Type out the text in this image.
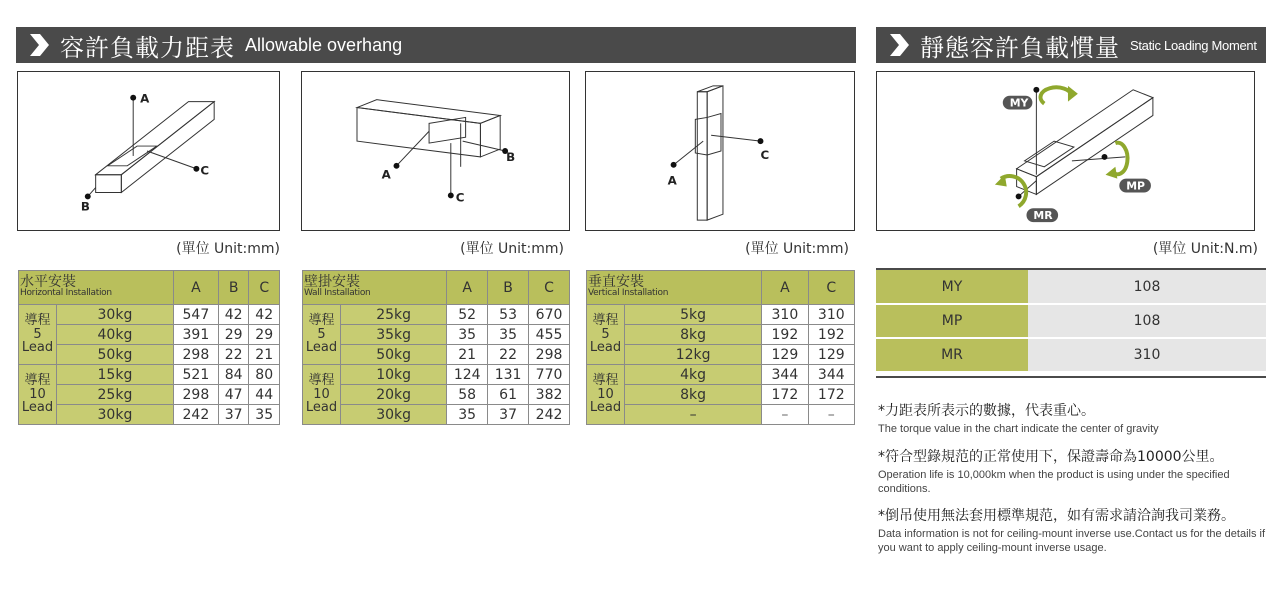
容許負載力距表 Allowable overhang	靜態容許負載慣量 Static Loading Moment
A
C
B
A
B
C
A
C
MY
MP
MR
(單位 Unit:mm)	(單位 Unit:mm)	(單位 Unit:mm)	(單位 Unit:N.m)
水平安裝
Horizontal Installation		A	B	C
導程
5
Lead	30kg	547	42	42
	40kg	391	29	29
	50kg	298	22	21
導程
10
Lead	15kg	521	84	80
	25kg	298	47	44
	30kg	242	37	35
壁掛安裝
Wall Installation		A	B	C
導程
5
Lead	25kg	52	53	670
	35kg	35	35	455
	50kg	21	22	298
導程
10
Lead	10kg	124	131	770
	20kg	58	61	382
	30kg	35	37	242
垂直安裝
Vertical Installation		A	C
導程
5
Lead	5kg	310	310
	8kg	192	192
	12kg	129	129
導程
10
Lead	4kg	344	344
	8kg	172	172
	–	–	–
MY	108
MP	108
MR	310
*力距表所表示的數據，代表重心。
The torque value in the chart indicate the center of gravity
*符合型錄規范的正常使用下，保證壽命為10000公里。
Operation life is 10,000km when the product is using under the specified conditions.
*倒吊使用無法套用標準規范，如有需求請洽詢我司業務。
Data information is not for ceiling-mount inverse use.Contact us for the details if you want to apply ceiling-mount inverse usage.
